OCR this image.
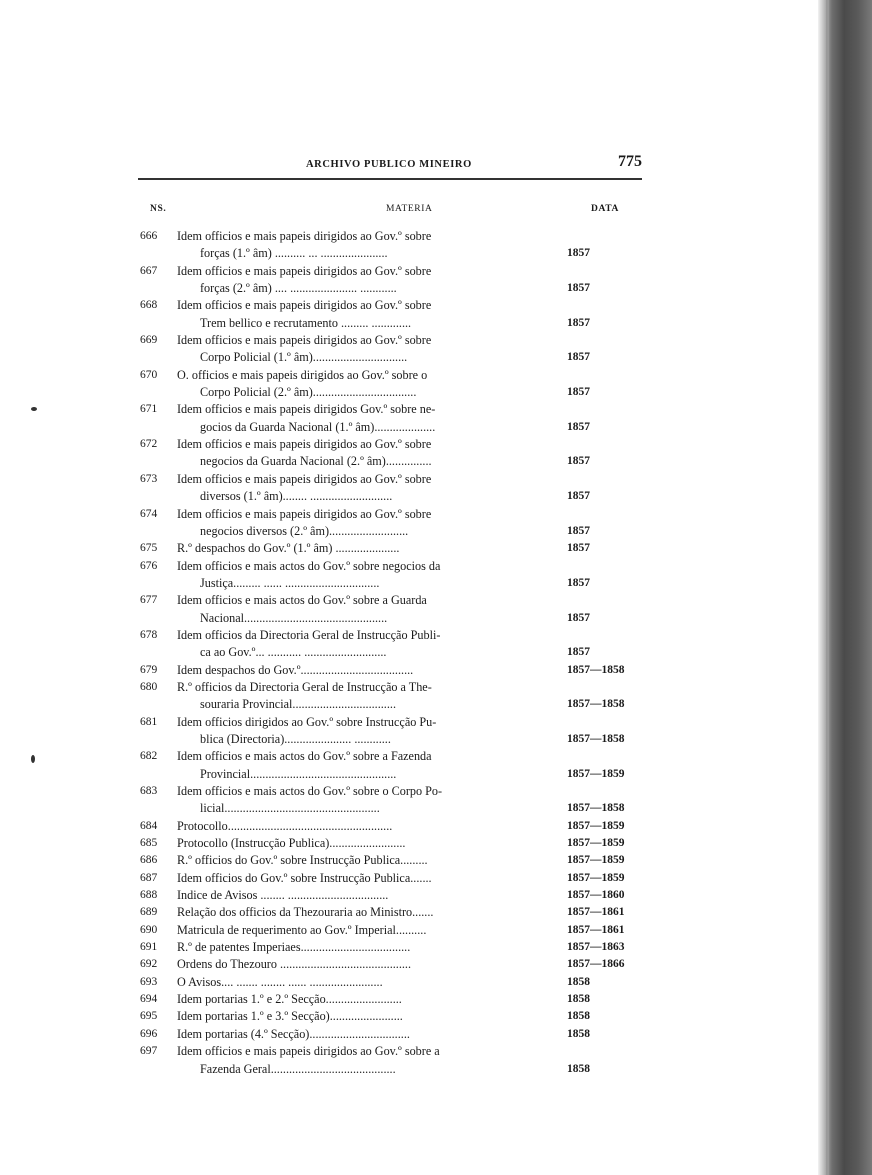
ARCHIVO PUBLICO MINEIRO	775
NS.	MATERIA	DATA
666	Idem officios e mais papeis dirigidos ao Gov.º sobre
forças (1.º âm) .......... ... ......................	1857
667	Idem officios e mais papeis dirigidos ao Gov.º sobre
forças (2.º âm) .... ...................... ............	1857
668	Idem officios e mais papeis dirigidos ao Gov.º sobre
Trem bellico e recrutamento ......... .............	1857
669	Idem officios e mais papeis dirigidos ao Gov.º sobre
Corpo Policial (1.º âm)...............................	1857
670	O. officios e mais papeis dirigidos ao Gov.º sobre o
Corpo Policial (2.º âm)..................................	1857
671	Idem officios e mais papeis dirigidos Gov.º sobre ne-
gocios da Guarda Nacional (1.º âm)....................	1857
672	Idem officios e mais papeis dirigidos ao Gov.º sobre
negocios da Guarda Nacional (2.º âm)...............	1857
673	Idem officios e mais papeis dirigidos ao Gov.º sobre
diversos (1.º âm)........ ...........................	1857
674	Idem officios e mais papeis dirigidos ao Gov.º sobre
negocios diversos (2.º âm)..........................	1857
675	R.º despachos do Gov.º (1.º âm) .....................	1857
676	Idem officios e mais actos do Gov.º sobre negocios da
Justiça......... ...... ...............................	1857
677	Idem officios e mais actos do Gov.º sobre a Guarda
Nacional...............................................	1857
678	Idem officios da Directoria Geral de Instrucção Publi-
ca ao Gov.º... ........... ...........................	1857
679	Idem despachos do Gov.º.....................................	1857—1858
680	R.º officios da Directoria Geral de Instrucção a The-
souraria Provincial..................................	1857—1858
681	Idem officios dirigidos ao Gov.º sobre Instrucção Pu-
blica (Directoria)...................... ............	1857—1858
682	Idem officios e mais actos do Gov.º sobre a Fazenda
Provincial................................................	1857—1859
683	Idem officios e mais actos do Gov.º sobre o Corpo Po-
licial...................................................	1857—1858
684	Protocollo......................................................	1857—1859
685	Protocollo (Instrucção Publica).........................	1857—1859
686	R.º officios do Gov.º sobre Instrucção Publica.........	1857—1859
687	Idem officios do Gov.º sobre Instrucção Publica.......	1857—1859
688	Indice de Avisos ........ .................................	1857—1860
689	Relação dos officios da Thezouraria ao Ministro.......	1857—1861
690	Matricula de requerimento ao Gov.º Imperial..........	1857—1861
691	R.º de patentes Imperiaes....................................	1857—1863
692	Ordens do Thezouro ...........................................	1857—1866
693	O Avisos.... ....... ........ ...... ........................	1858
694	Idem portarias 1.º e 2.º Secção.........................	1858
695	Idem portarias 1.º e 3.º Secção)........................	1858
696	Idem portarias (4.º Secção).................................	1858
697	Idem officios e mais papeis dirigidos ao Gov.º sobre a
Fazenda Geral.........................................	1858
